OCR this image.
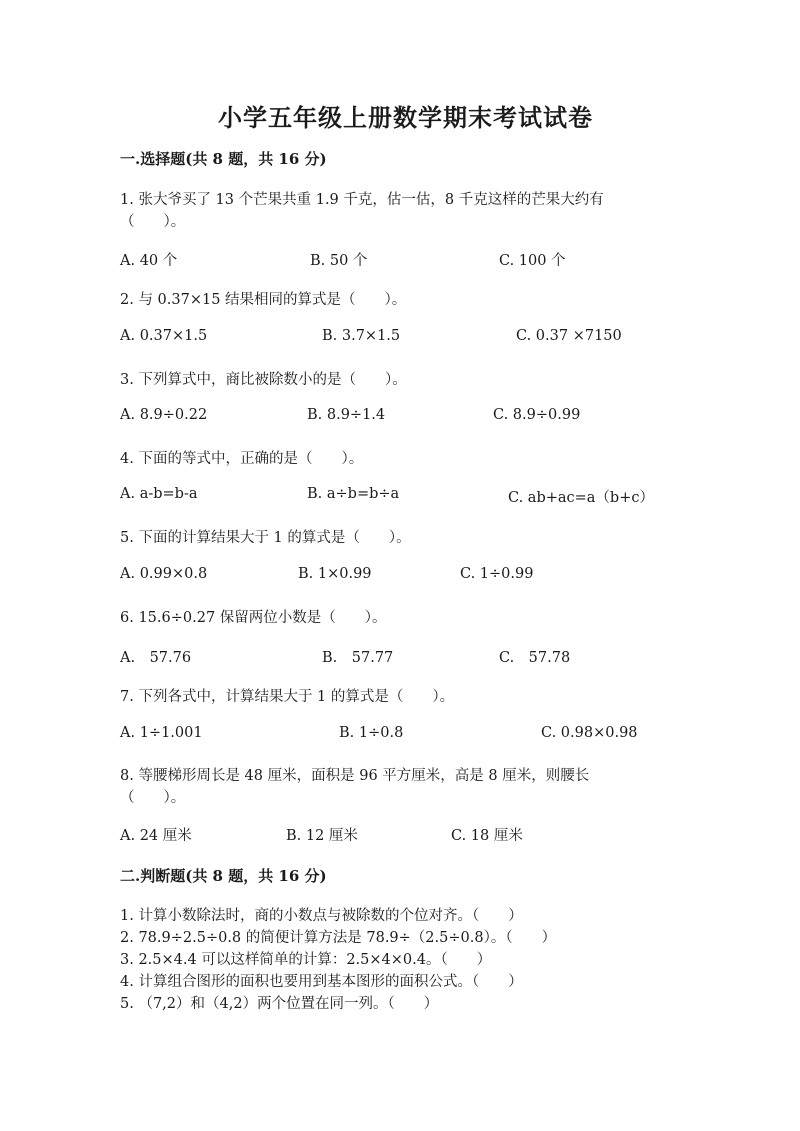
小学五年级上册数学期末考试试卷
一.选择题(共 8 题，共 16 分)
1. 张大爷买了 13 个芒果共重 1.9 千克，估一估，8 千克这样的芒果大约有
（　　）。
A. 40 个	B. 50 个	C. 100 个
2. 与 0.37×15 结果相同的算式是（　　）。
A. 0.37×1.5	B. 3.7×1.5	C. 0.37 ×7150
3. 下列算式中，商比被除数小的是（　　）。
A. 8.9÷0.22	B. 8.9÷1.4	C. 8.9÷0.99
4. 下面的等式中，正确的是（　　）。
A. a-b=b-a	B. a÷b=b÷a	C. ab+ac=a（b+c）
5. 下面的计算结果大于 1 的算式是（　　）。
A. 0.99×0.8	B. 1×0.99	C. 1÷0.99
6. 15.6÷0.27 保留两位小数是（　　）。
A.　57.76	B.　57.77	C.　57.78
7. 下列各式中，计算结果大于 1 的算式是（　　）。
A. 1÷1.001	B. 1÷0.8	C. 0.98×0.98
8. 等腰梯形周长是 48 厘米，面积是 96 平方厘米，高是 8 厘米，则腰长
（　　）。
A. 24 厘米	B. 12 厘米	C. 18 厘米
二.判断题(共 8 题，共 16 分)
1. 计算小数除法时，商的小数点与被除数的个位对齐。（　　）
2. 78.9÷2.5÷0.8 的简便计算方法是 78.9÷（2.5÷0.8）。（　　）
3. 2.5×4.4 可以这样简单的计算：2.5×4×0.4。（　　）
4. 计算组合图形的面积也要用到基本图形的面积公式。（　　）
5. （7,2）和（4,2）两个位置在同一列。（　　）
